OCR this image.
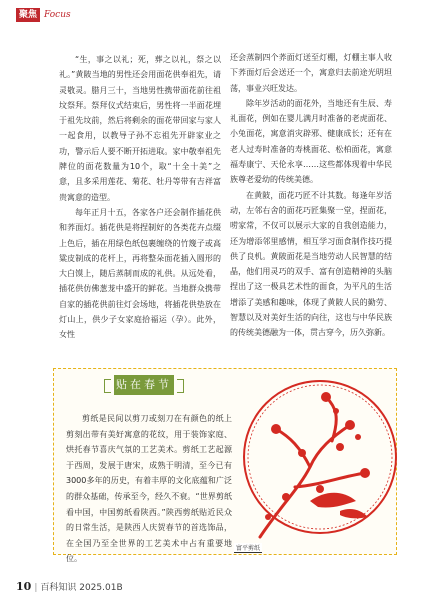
聚焦 Focus

“生，事之以礼；死，葬之以礼，祭之以礼。”黄陂当地的男性还会用面花供奉祖先，请灵敬灵。腊月三十，当地男性携带面花前往祖坟祭拜。祭拜仪式结束后，男性将一半面花埋于祖先坟前，然后将剩余的面花带回家与家人一起食用，以教导子孙不忘祖先开辟家业之功，警示后人要不断开拓进取。家中敬奉祖先牌位的面花数量为10个，取“十全十美”之意，且多采用莲花、菊花、牡丹等带有吉祥富贵寓意的造型。

每年正月十五，各家各户还会制作插花供和荞面灯。插花供是将捏制好的各类花卉点缀上色后，插在用绿色纸包裹缠绕的竹篾子或高粱皮制成的花杆上，再将整朵面花插入圆形的大白馍上，随后蒸制而成的礼供。从远处看，插花供仿佛葱茏中盛开的鲜花。当地群众携带自家的插花供前往灯会场地，将插花供垫放在灯山上，供少子女家庭拾福运（孕）。此外，女性

还会蒸制四个荞面灯送至灯棚，灯棚主事人收下荞面灯后会送还一个，寓意归去前途光明坦荡，事业兴旺发达。

除年岁活动的面花外，当地还有生辰、寿礼面花，例如在婴儿满月时准备的老虎面花、小兔面花，寓意消灾辟邪、健康成长；还有在老人过寿时准备的寿桃面花、松柏面花，寓意福寿康宁、天伦永享……这些都体现着中华民族尊老爱幼的传统美德。

在黄陂，面花巧匠不计其数。每逢年岁活动，左邻右舍的面花巧匠集聚一堂，捏面花，唠家常，不仅可以展示大家的自我创造能力，还为增添邻里感情，相互学习面食制作技巧提供了良机。黄陂面花是当地劳动人民智慧的结晶，他们用灵巧的双手、富有创造精神的头脑捏出了这一极具艺术性的面食，为平凡的生活增添了美感和趣味，体现了黄陂人民的勤劳、智慧以及对美好生活的向往，这也与中华民族的传统美德融为一体，贯古穿今，历久弥新。

贴在春节

剪纸是民间以剪刀或刻刀在有颜色的纸上剪刻出带有美好寓意的花纹，用于装饰家庭、烘托春节喜庆气氛的工艺美术。剪纸工艺起源于西周，发展于唐宋，成熟于明清，至今已有3000多年的历史，有着丰厚的文化底蕴和广泛的群众基础，传承至今，经久不衰。“世界剪纸看中国，中国剪纸看陕西。”陕西剪纸贴近民众的日常生活，是陕西人庆贺春节的首选饰品，在全国乃至全世界的工艺美术中占有重要地位。

富平剪纸
10 | 百科知识 2025.01B
